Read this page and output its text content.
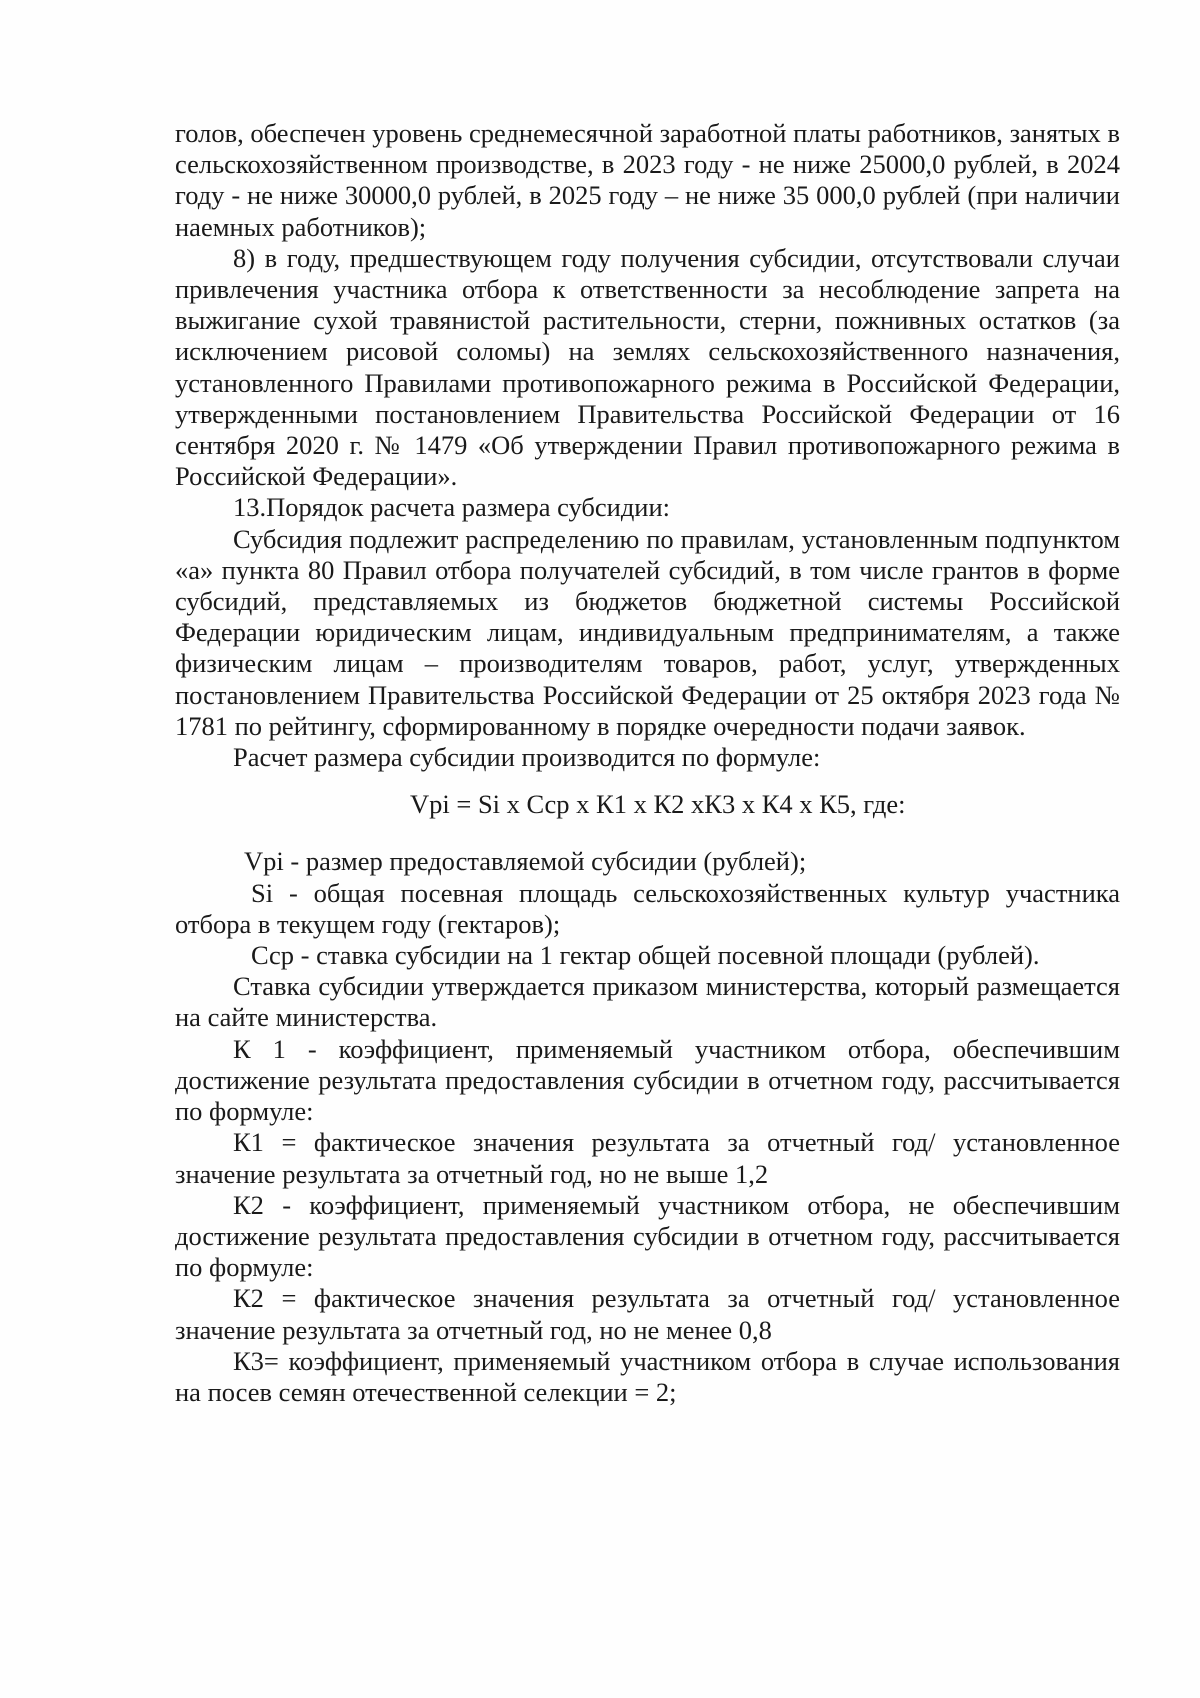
голов, обеспечен уровень среднемесячной заработной платы работников, занятых в сельскохозяйственном производстве, в 2023 году - не ниже 25000,0 рублей, в 2024 году - не ниже 30000,0 рублей, в 2025 году – не ниже 35 000,0 рублей (при наличии наемных работников);

8) в году, предшествующем году получения субсидии, отсутствовали случаи привлечения участника отбора к ответственности за несоблюдение запрета на выжигание сухой травянистой растительности, стерни, пожнивных остатков (за исключением рисовой соломы) на землях сельскохозяйственного назначения, установленного Правилами противопожарного режима в Российской Федерации, утвержденными постановлением Правительства Российской Федерации от 16 сентября 2020 г. № 1479 «Об утверждении Правил противопожарного режима в Российской Федерации».

13.Порядок расчета размера субсидии:

Субсидия подлежит распределению по правилам, установленным подпунктом «а» пункта 80 Правил отбора получателей субсидий, в том числе грантов в форме субсидий, представляемых из бюджетов бюджетной системы Российской Федерации юридическим лицам, индивидуальным предпринимателям, а также физическим лицам – производителям товаров, работ, услуг, утвержденных постановлением Правительства Российской Федерации от 25 октября 2023 года № 1781 по рейтингу, сформированному в порядке очередности подачи заявок.

Расчет размера субсидии производится по формуле:

Vpi = Si x Сср x К1 x К2 xК3 x К4 x К5, где:

Vpi - размер предоставляемой субсидии (рублей);

Si - общая посевная площадь сельскохозяйственных культур участника отбора в текущем году (гектаров);

Сср - ставка субсидии на 1 гектар общей посевной площади (рублей).

Ставка субсидии утверждается приказом министерства, который размещается на сайте министерства.

К 1 - коэффициент, применяемый участником отбора, обеспечившим достижение результата предоставления субсидии в отчетном году, рассчитывается по формуле:

К1 = фактическое значения результата за отчетный год/ установленное значение результата за отчетный год, но не выше 1,2

К2 - коэффициент, применяемый участником отбора, не обеспечившим достижение результата предоставления субсидии в отчетном году, рассчитывается по формуле:

К2 = фактическое значения результата за отчетный год/ установленное значение результата за отчетный год, но не менее 0,8

К3= коэффициент, применяемый участником отбора в случае использования на посев семян отечественной селекции = 2;
